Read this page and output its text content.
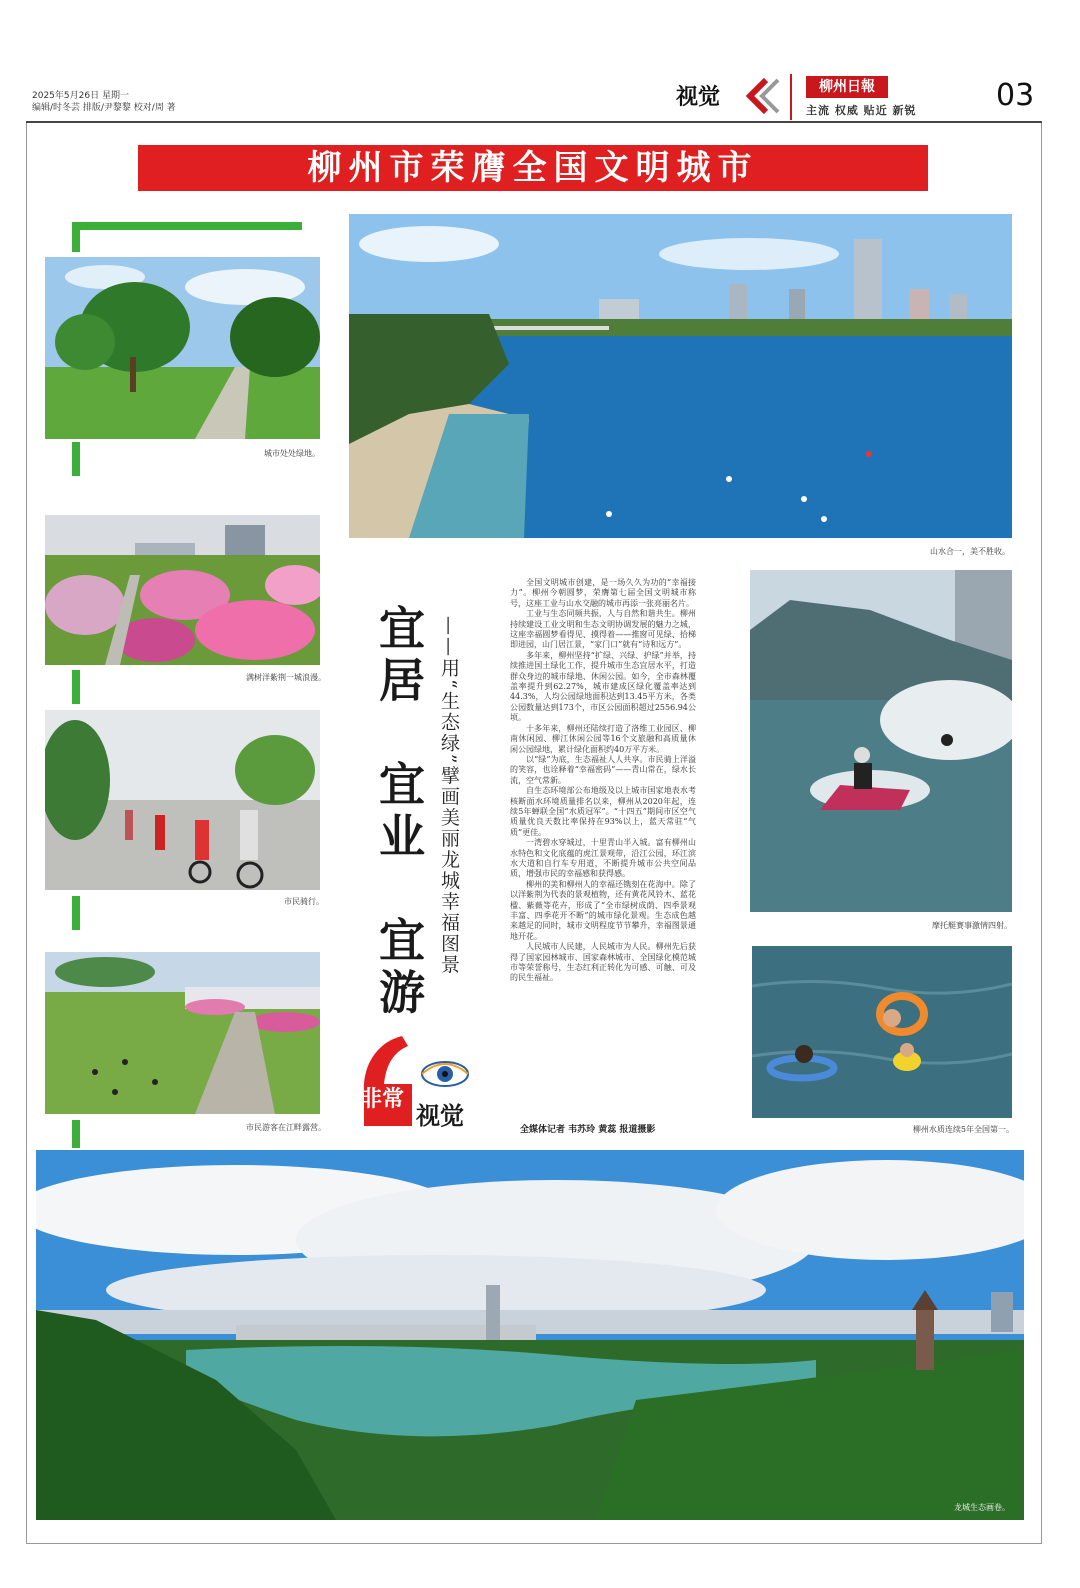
2025年5月26日 星期一
编辑/时冬芸 排版/尹黎黎 校对/周 著	视觉	柳州日報
主流 权威 贴近 新锐	03
柳州市荣膺全国文明城市
城市处处绿地。
满树洋紫荆一城浪漫。
市民骑行。
市民游客在江畔露营。
山水合一，美不胜收。
宜居　宜业　宜游 ——用“生态绿”擘画美丽龙城幸福图景
非常
视觉

全国文明城市创建，是一场久久为功的“幸福接力”。柳州今朝圆梦，荣膺第七届全国文明城市称号，这座工业与山水交融的城市再添一张亮丽名片。

工业与生态同频共振，人与自然和谐共生。柳州持续建设工业文明和生态文明协调发展的魅力之城，这座幸福圆梦看得见、摸得着——推窗可见绿、拾梯即进园，山门居江景，“家门口”就有“诗和远方”。

多年来，柳州坚持“扩绿、兴绿、护绿”并举，持续推进国土绿化工作，提升城市生态宜居水平，打造群众身边的城市绿地、休闲公园。如今，全市森林覆盖率提升到62.27%，城市建成区绿化覆盖率达到44.3%，人均公园绿地面积达到13.45平方米，各类公园数量达到173个，市区公园面积超过2556.94公顷。

十多年来，柳州还陆续打造了洛维工业园区、柳南休闲园、柳江休闲公园等16个文旅融和高质量休闲公园绿地，累计绿化面积约40万平方米。

以“绿”为底，生态福祉人人共享。市民骑上洋溢的笑容，也诠释着“幸福密码”——青山常在，绿水长流，空气常新。

自生态环境部公布地级及以上城市国家地表水考核断面水环境质量排名以来，柳州从2020年起，连续5年蝉联全国“水质冠军”。“十四五”期间市区空气质量优良天数比率保持在93%以上，蓝天常驻“气质”更佳。

一湾碧水穿城过，十里青山半入城。富有柳州山水特色和文化底蕴的虎江景观带，沿江公园，环江滨水大道和自行车专用道，不断提升城市公共空间品质，增强市民的幸福感和获得感。

柳州的美和柳州人的幸福还镌刻在花海中。除了以洋紫荆为代表的景观植物，还有黄花风铃木、蓝花楹、紫薇等花卉，形成了“全市绿树成荫、四季景观丰富、四季花开不断”的城市绿化景观。生态成色越来越足的同时，城市文明程度节节攀升，幸福图景通地开花。

人民城市人民建，人民城市为人民。柳州先后获得了国家园林城市、国家森林城市、全国绿化模范城市等荣誉称号，生态红利正转化为可感、可触、可及的民生福祉。

全媒体记者 韦苏玲 黄蕊 报道摄影
摩托艇赛事激情四射。
柳州水质连续5年全国第一。
龙城生态画卷。
